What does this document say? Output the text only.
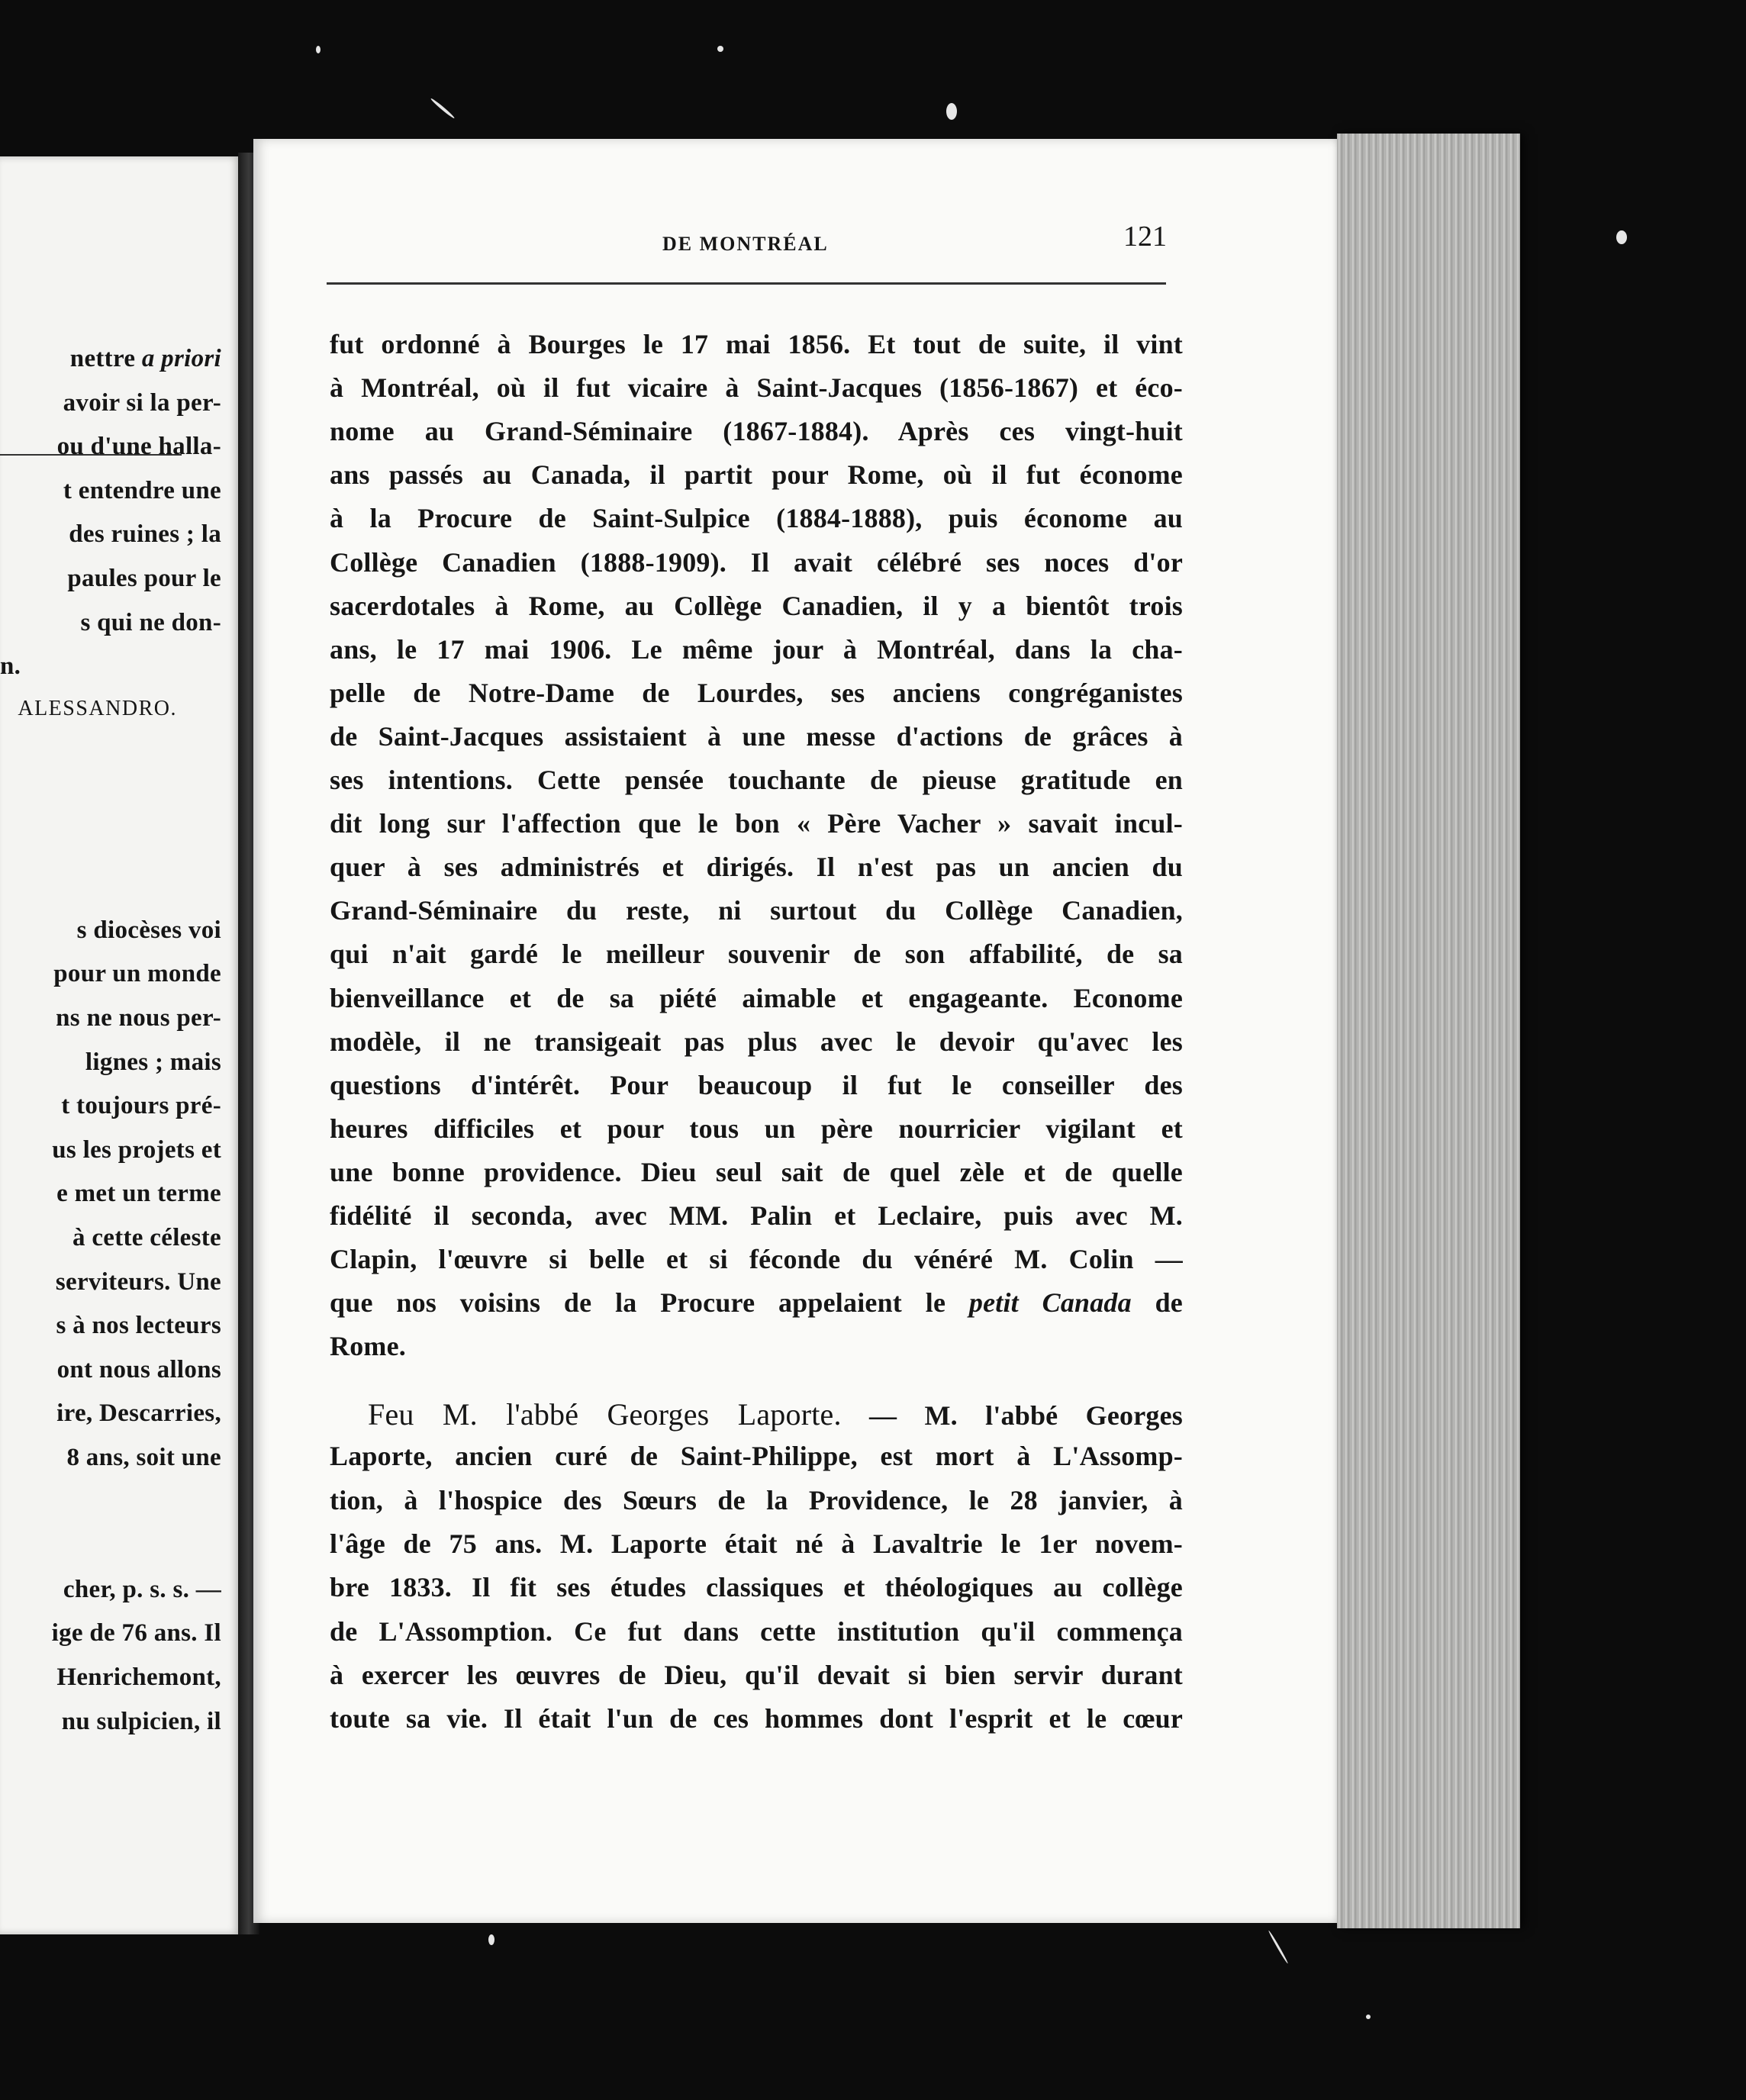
nettre a priori
avoir si la per-
ou d'une halla-
t entendre une
des ruines ; la
paules pour le
s qui ne don-
n.
ALESSANDRO.
s diocèses voi
pour un monde
ns ne nous per-
lignes ; mais
t toujours pré-
us les projets et
e met un terme
à cette céleste
serviteurs. Une
s à nos lecteurs
ont nous allons
ire, Descarries,
8 ans, soit une
cher, p. s. s. —
ige de 76 ans. Il
Henrichemont,
nu sulpicien, il
DE MONTRÉAL	121
fut ordonné à Bourges le 17 mai 1856. Et tout de suite, il vint
à Montréal, où il fut vicaire à Saint-Jacques (1856-1867) et éco-
nome au Grand-Séminaire (1867-1884). Après ces vingt-huit
ans passés au Canada, il partit pour Rome, où il fut économe
à la Procure de Saint-Sulpice (1884-1888), puis économe au
Collège Canadien (1888-1909). Il avait célébré ses noces d'or
sacerdotales à Rome, au Collège Canadien, il y a bientôt trois
ans, le 17 mai 1906. Le même jour à Montréal, dans la cha-
pelle de Notre-Dame de Lourdes, ses anciens congréganistes
de Saint-Jacques assistaient à une messe d'actions de grâces à
ses intentions. Cette pensée touchante de pieuse gratitude en
dit long sur l'affection que le bon « Père Vacher » savait incul-
quer à ses administrés et dirigés. Il n'est pas un ancien du
Grand-Séminaire du reste, ni surtout du Collège Canadien,
qui n'ait gardé le meilleur souvenir de son affabilité, de sa
bienveillance et de sa piété aimable et engageante. Econome
modèle, il ne transigeait pas plus avec le devoir qu'avec les
questions d'intérêt. Pour beaucoup il fut le conseiller des
heures difficiles et pour tous un père nourricier vigilant et
une bonne providence. Dieu seul sait de quel zèle et de quelle
fidélité il seconda, avec MM. Palin et Leclaire, puis avec M.
Clapin, l'œuvre si belle et si féconde du vénéré M. Colin —
que nos voisins de la Procure appelaient le petit Canada de
Rome.
Feu M. l'abbé Georges Laporte. — M. l'abbé Georges
Laporte, ancien curé de Saint-Philippe, est mort à L'Assomp-
tion, à l'hospice des Sœurs de la Providence, le 28 janvier, à
l'âge de 75 ans. M. Laporte était né à Lavaltrie le 1er novem-
bre 1833. Il fit ses études classiques et théologiques au collège
de L'Assomption. Ce fut dans cette institution qu'il commença
à exercer les œuvres de Dieu, qu'il devait si bien servir durant
toute sa vie. Il était l'un de ces hommes dont l'esprit et le cœur
